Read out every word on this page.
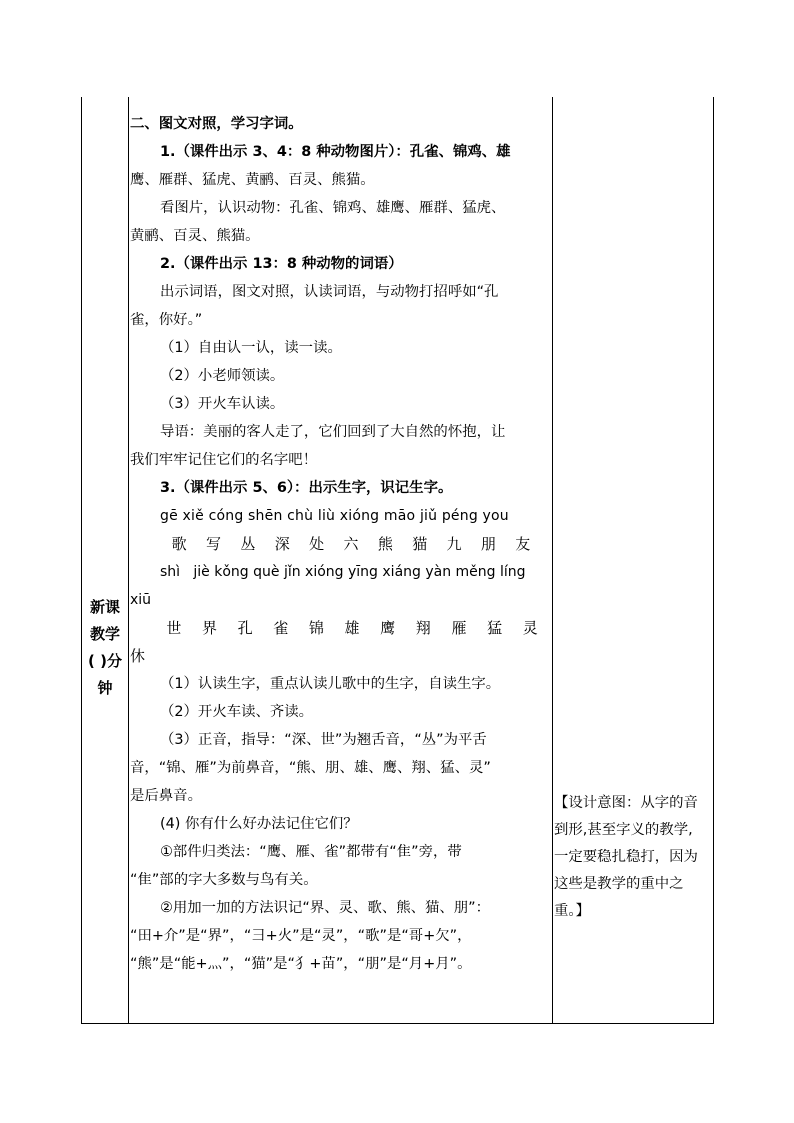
新课
教学
( )分
钟
二、图文对照，学习字词。
1.（课件出示 3、4：8 种动物图片）：孔雀、锦鸡、雄
鹰、雁群、猛虎、黄鹂、百灵、熊猫。
看图片，认识动物：孔雀、锦鸡、雄鹰、雁群、猛虎、
黄鹂、百灵、熊猫。
2.（课件出示 13：8 种动物的词语）
出示词语，图文对照，认读词语，与动物打招呼如“孔
雀，你好。”
（1）自由认一认，读一读。
（2）小老师领读。
（3）开火车认读。
导语：美丽的客人走了，它们回到了大自然的怀抱，让
我们牢牢记住它们的名字吧！
3.（课件出示 5、6）：出示生字，识记生字。
gē xiě cóng shēn chù liù xióng māo jiǔ péng you
歌	写	丛	深	处	六	熊	猫	九	朋	友
shì   jiè kǒng què jǐn xióng yīng xiáng yàn měng líng
xiū
世	界	孔	雀	锦	雄	鹰	翔	雁	猛	灵
休
（1）认读生字，重点认读儿歌中的生字，自读生字。
（2）开火车读、齐读。
（3）正音，指导：“深、世”为翘舌音，“丛”为平舌
音，“锦、雁”为前鼻音，“熊、朋、雄、鹰、翔、猛、灵”
是后鼻音。
(4) 你有什么好办法记住它们？
①部件归类法：“鹰、雁、雀”都带有“隹”旁，带
“隹”部的字大多数与鸟有关。
②用加一加的方法识记“界、灵、歌、熊、猫、朋”：
“田+介”是“界”，“彐+火”是“灵”，“歌”是“哥+欠”，
“熊”是“能+灬”，“猫”是“犭+苗”，“朋”是“月+月”。
【设计意图：从字的音
到形,甚至字义的教学,
一定要稳扎稳打，因为
这些是教学的重中之
重。】
